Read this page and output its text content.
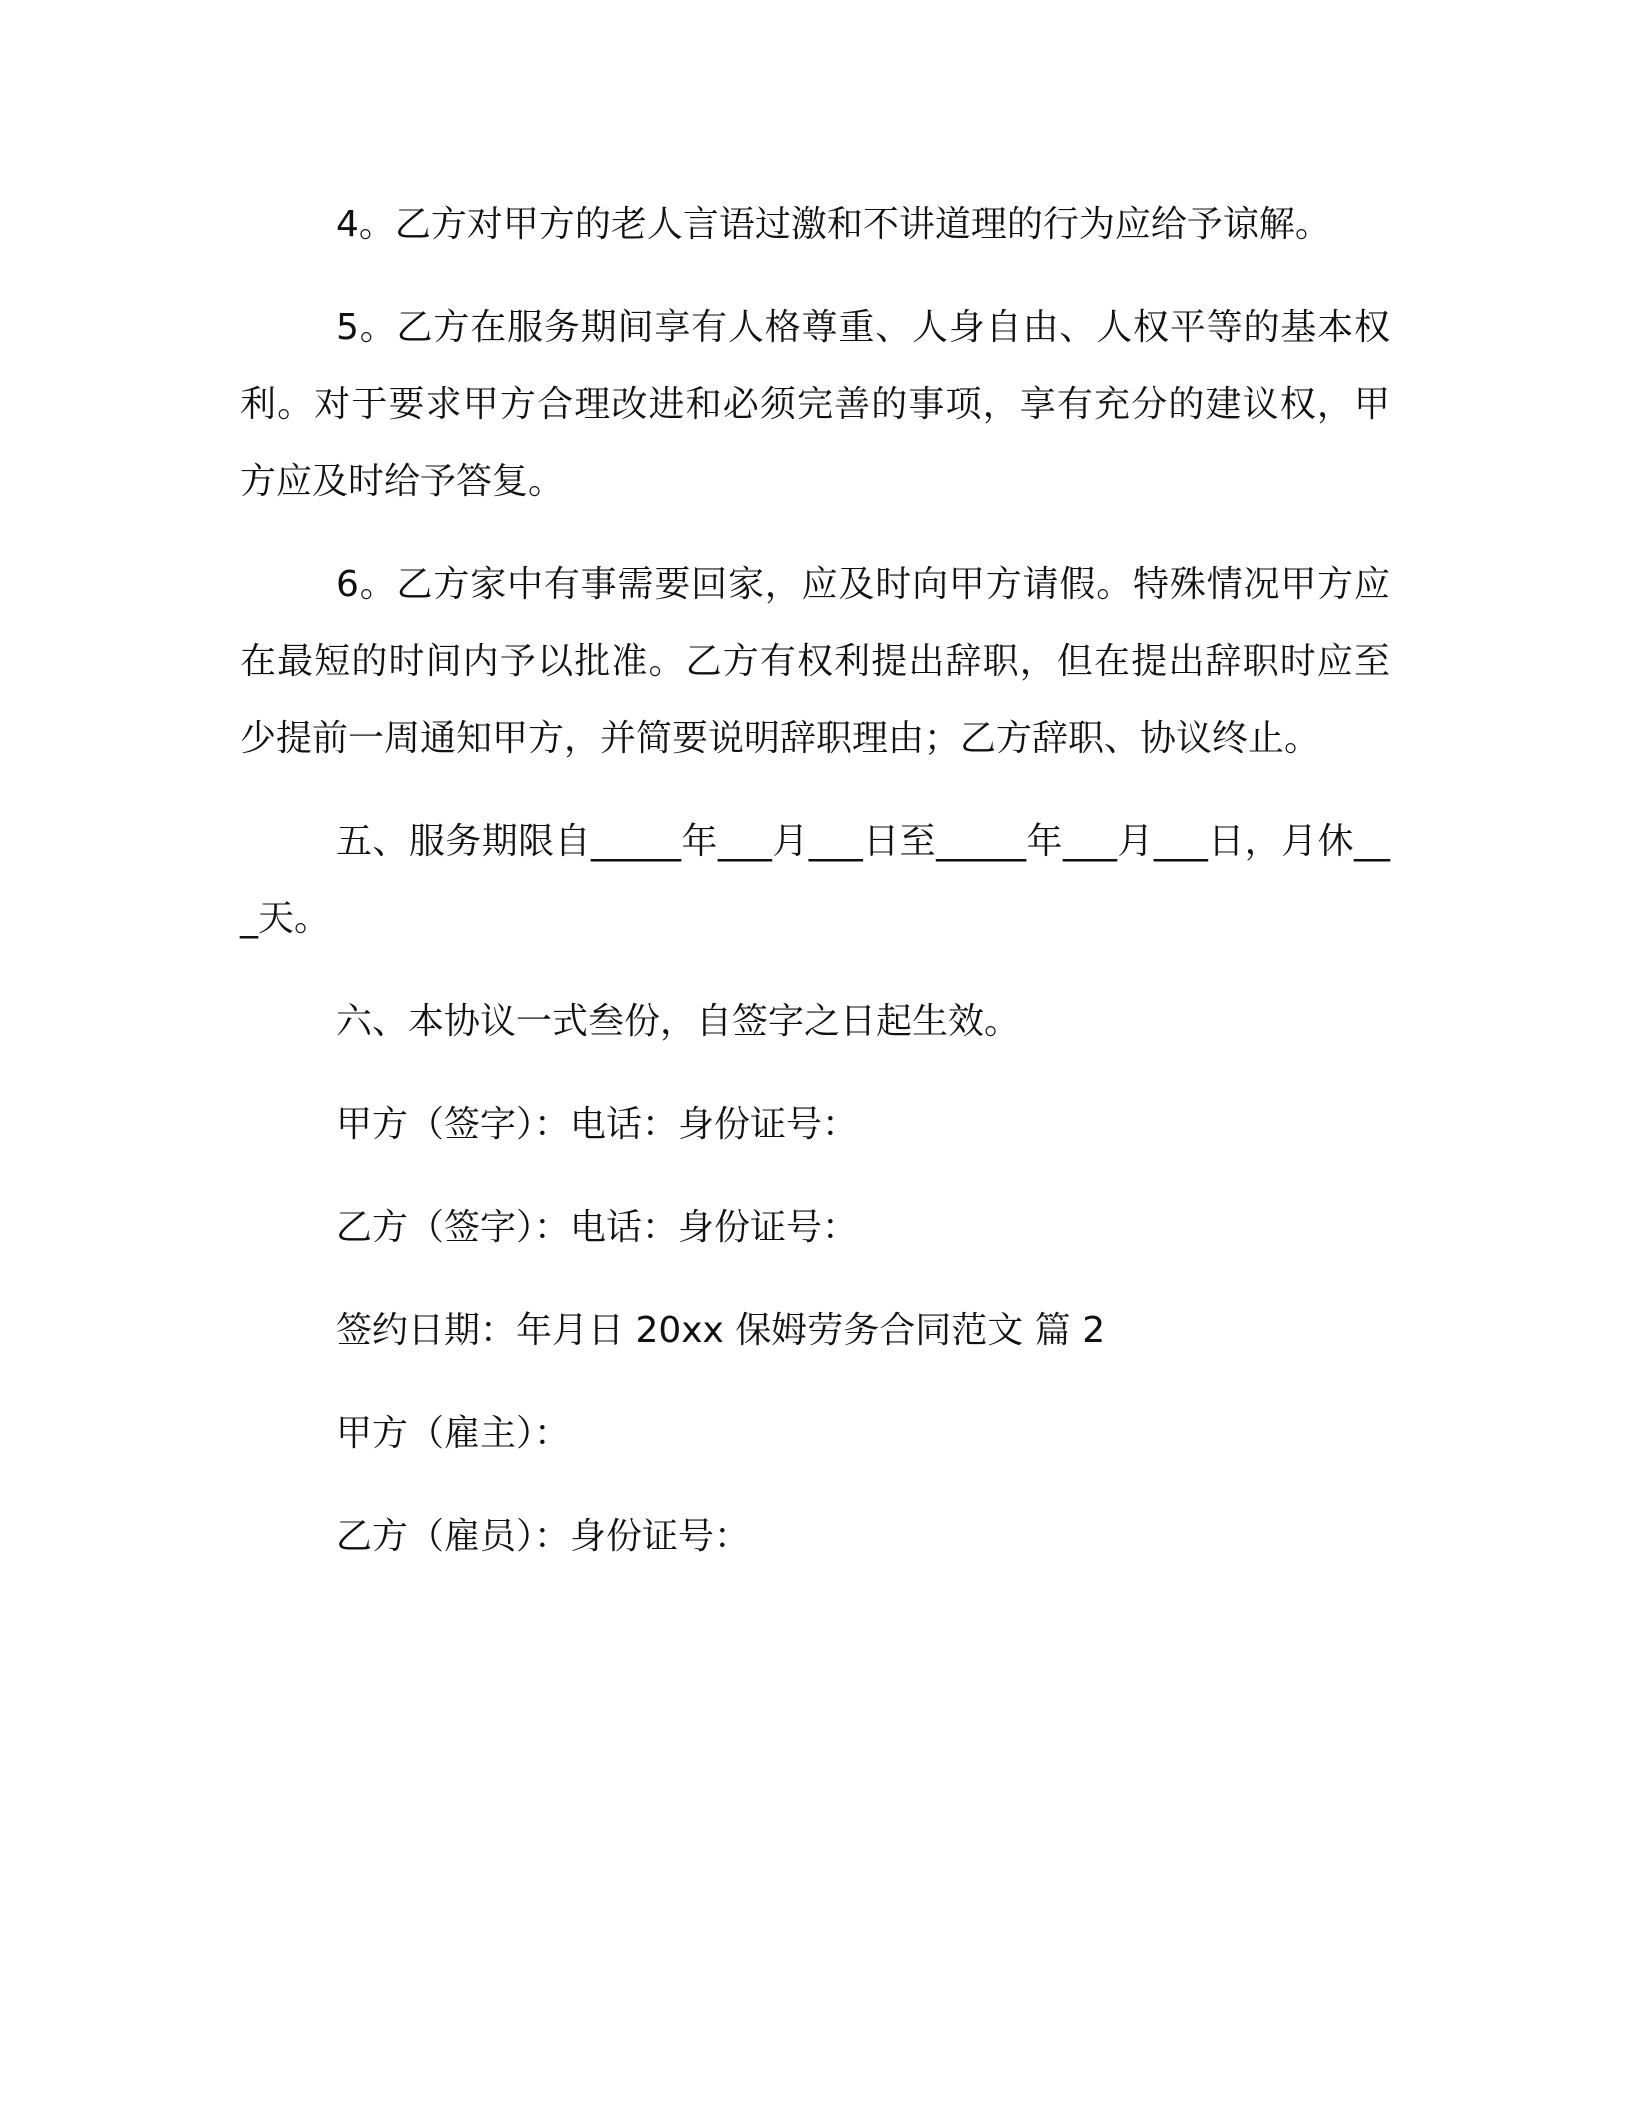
4。乙方对甲方的老人言语过激和不讲道理的行为应给予谅解。

5。乙方在服务期间享有人格尊重、人身自由、人权平等的基本权利。对于要求甲方合理改进和必须完善的事项，享有充分的建议权，甲方应及时给予答复。

6。乙方家中有事需要回家，应及时向甲方请假。特殊情况甲方应在最短的时间内予以批准。乙方有权利提出辞职，但在提出辞职时应至少提前一周通知甲方，并简要说明辞职理由；乙方辞职、协议终止。

五、服务期限自_____年___月___日至_____年___月___日，月休___天。

六、本协议一式叁份，自签字之日起生效。

甲方（签字）：电话：身份证号：

乙方（签字）：电话：身份证号：

签约日期：年月日 20xx 保姆劳务合同范文 篇 2

甲方（雇主）：

乙方（雇员）：身份证号：
